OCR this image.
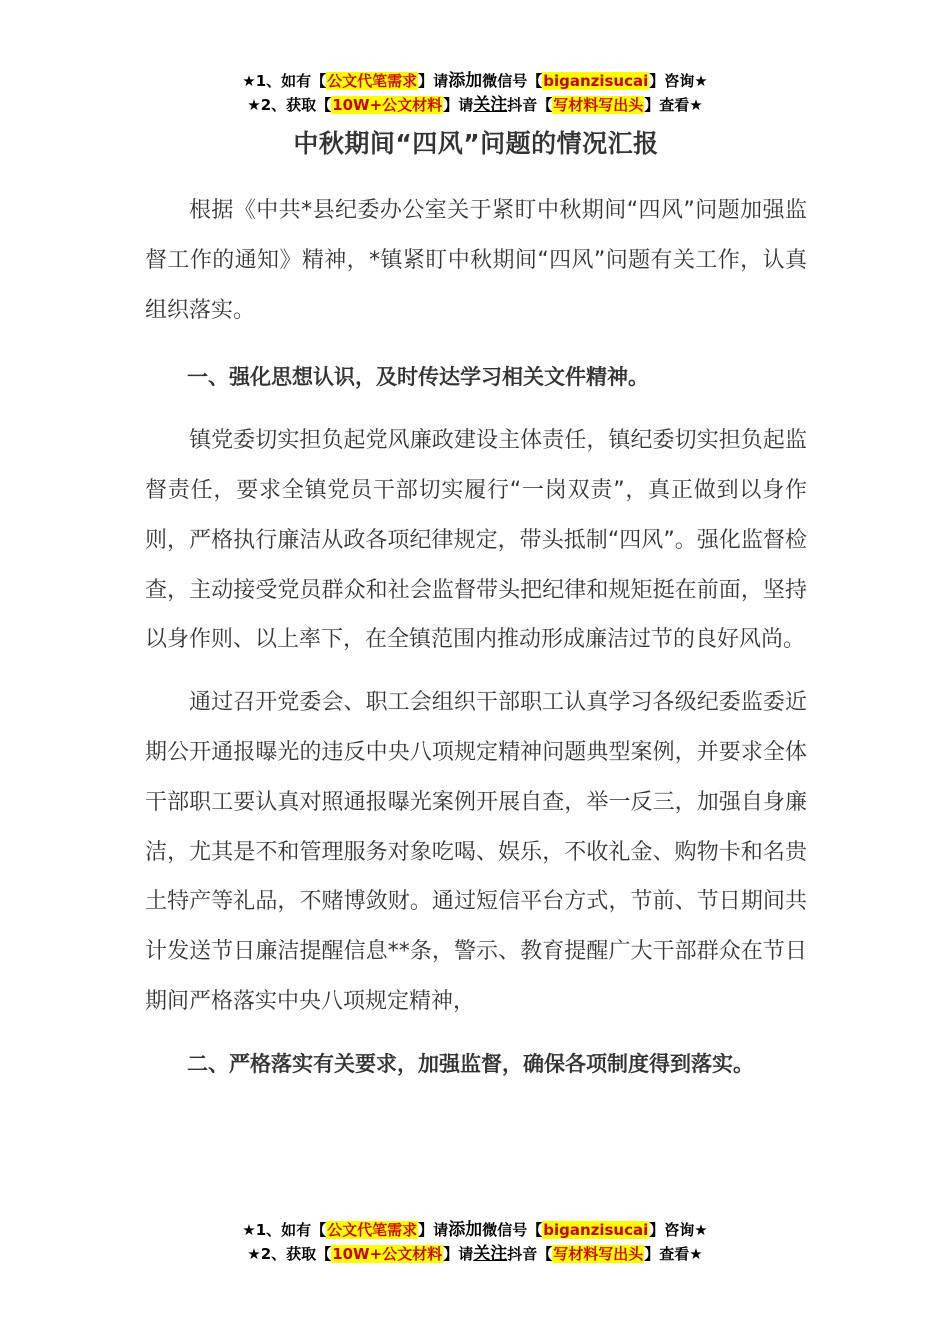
★1、如有【公文代笔需求】请添加微信号【biganzisucai】咨询★
★2、获取【10W+公文材料】请关注抖音【写材料写出头】查看★
中秋期间“四风”问题的情况汇报

根据《中共*县纪委办公室关于紧盯中秋期间“四风”问题加强监督工作的通知》精神，*镇紧盯中秋期间“四风”问题有关工作，认真组织落实。

一、强化思想认识，及时传达学习相关文件精神。

镇党委切实担负起党风廉政建设主体责任，镇纪委切实担负起监督责任，要求全镇党员干部切实履行“一岗双责”，真正做到以身作则，严格执行廉洁从政各项纪律规定，带头抵制“四风”。强化监督检查，主动接受党员群众和社会监督带头把纪律和规矩挺在前面，坚持以身作则、以上率下，在全镇范围内推动形成廉洁过节的良好风尚。

通过召开党委会、职工会组织干部职工认真学习各级纪委监委近期公开通报曝光的违反中央八项规定精神问题典型案例，并要求全体干部职工要认真对照通报曝光案例开展自查，举一反三，加强自身廉洁，尤其是不和管理服务对象吃喝、娱乐，不收礼金、购物卡和名贵土特产等礼品，不赌博敛财。通过短信平台方式，节前、节日期间共计发送节日廉洁提醒信息**条，警示、教育提醒广大干部群众在节日期间严格落实中央八项规定精神，

二、严格落实有关要求，加强监督，确保各项制度得到落实。

★1、如有【公文代笔需求】请添加微信号【biganzisucai】咨询★
★2、获取【10W+公文材料】请关注抖音【写材料写出头】查看★
